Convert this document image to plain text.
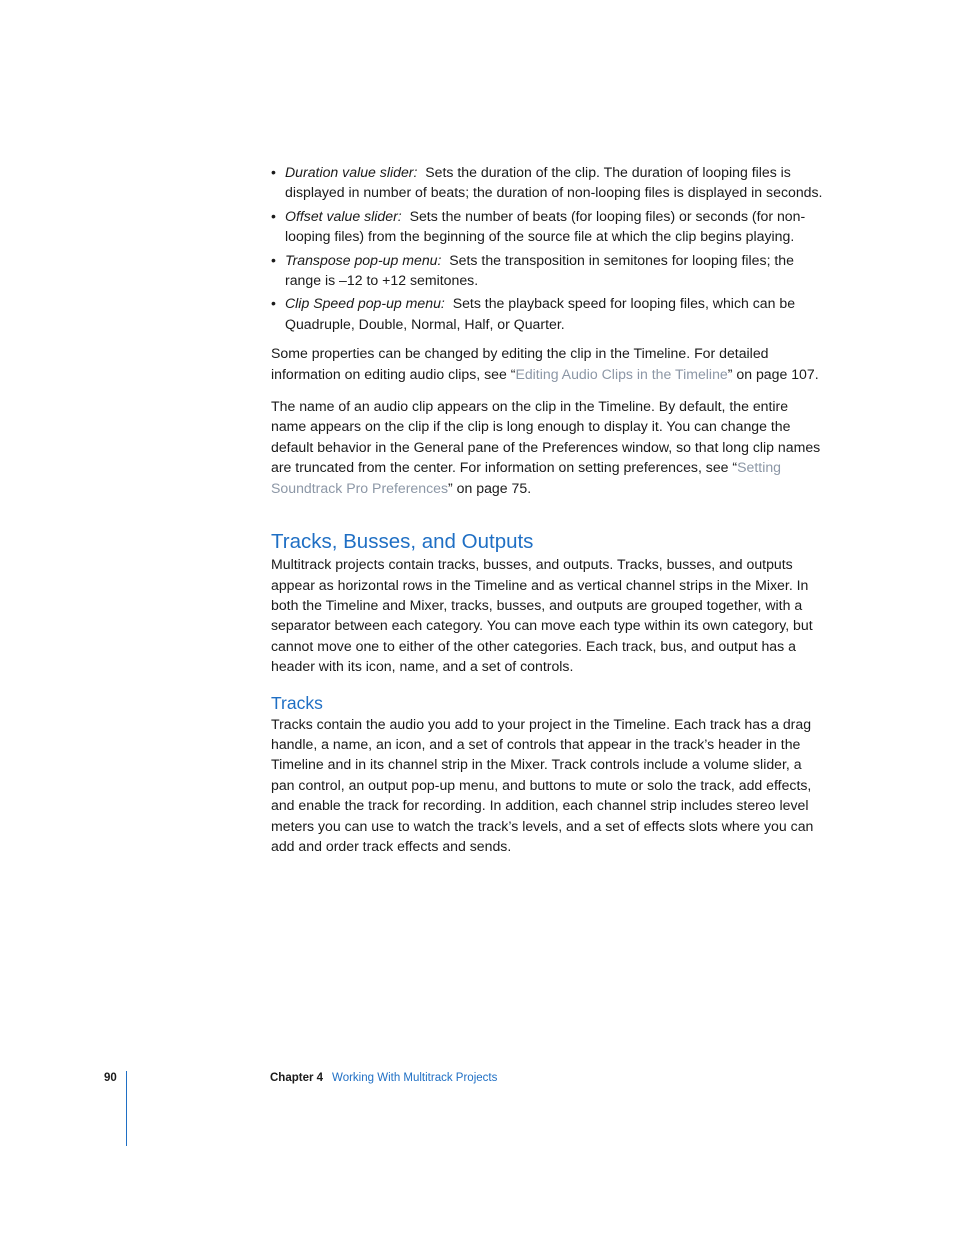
• Duration value slider: Sets the duration of the clip. The duration of looping files is displayed in number of beats; the duration of non-looping files is displayed in seconds.
• Offset value slider: Sets the number of beats (for looping files) or seconds (for non-looping files) from the beginning of the source file at which the clip begins playing.
• Transpose pop-up menu: Sets the transposition in semitones for looping files; the range is –12 to +12 semitones.
• Clip Speed pop-up menu: Sets the playback speed for looping files, which can be Quadruple, Double, Normal, Half, or Quarter.

Some properties can be changed by editing the clip in the Timeline. For detailed information on editing audio clips, see “Editing Audio Clips in the Timeline” on page 107.

The name of an audio clip appears on the clip in the Timeline. By default, the entire name appears on the clip if the clip is long enough to display it. You can change the default behavior in the General pane of the Preferences window, so that long clip names are truncated from the center. For information on setting preferences, see “Setting Soundtrack Pro Preferences” on page 75.

Tracks, Busses, and Outputs

Multitrack projects contain tracks, busses, and outputs. Tracks, busses, and outputs appear as horizontal rows in the Timeline and as vertical channel strips in the Mixer. In both the Timeline and Mixer, tracks, busses, and outputs are grouped together, with a separator between each category. You can move each type within its own category, but cannot move one to either of the other categories. Each track, bus, and output has a header with its icon, name, and a set of controls.

Tracks

Tracks contain the audio you add to your project in the Timeline. Each track has a drag handle, a name, an icon, and a set of controls that appear in the track’s header in the Timeline and in its channel strip in the Mixer. Track controls include a volume slider, a pan control, an output pop-up menu, and buttons to mute or solo the track, add effects, and enable the track for recording. In addition, each channel strip includes stereo level meters you can use to watch the track’s levels, and a set of effects slots where you can add and order track effects and sends.

90	Chapter 4 Working With Multitrack Projects
